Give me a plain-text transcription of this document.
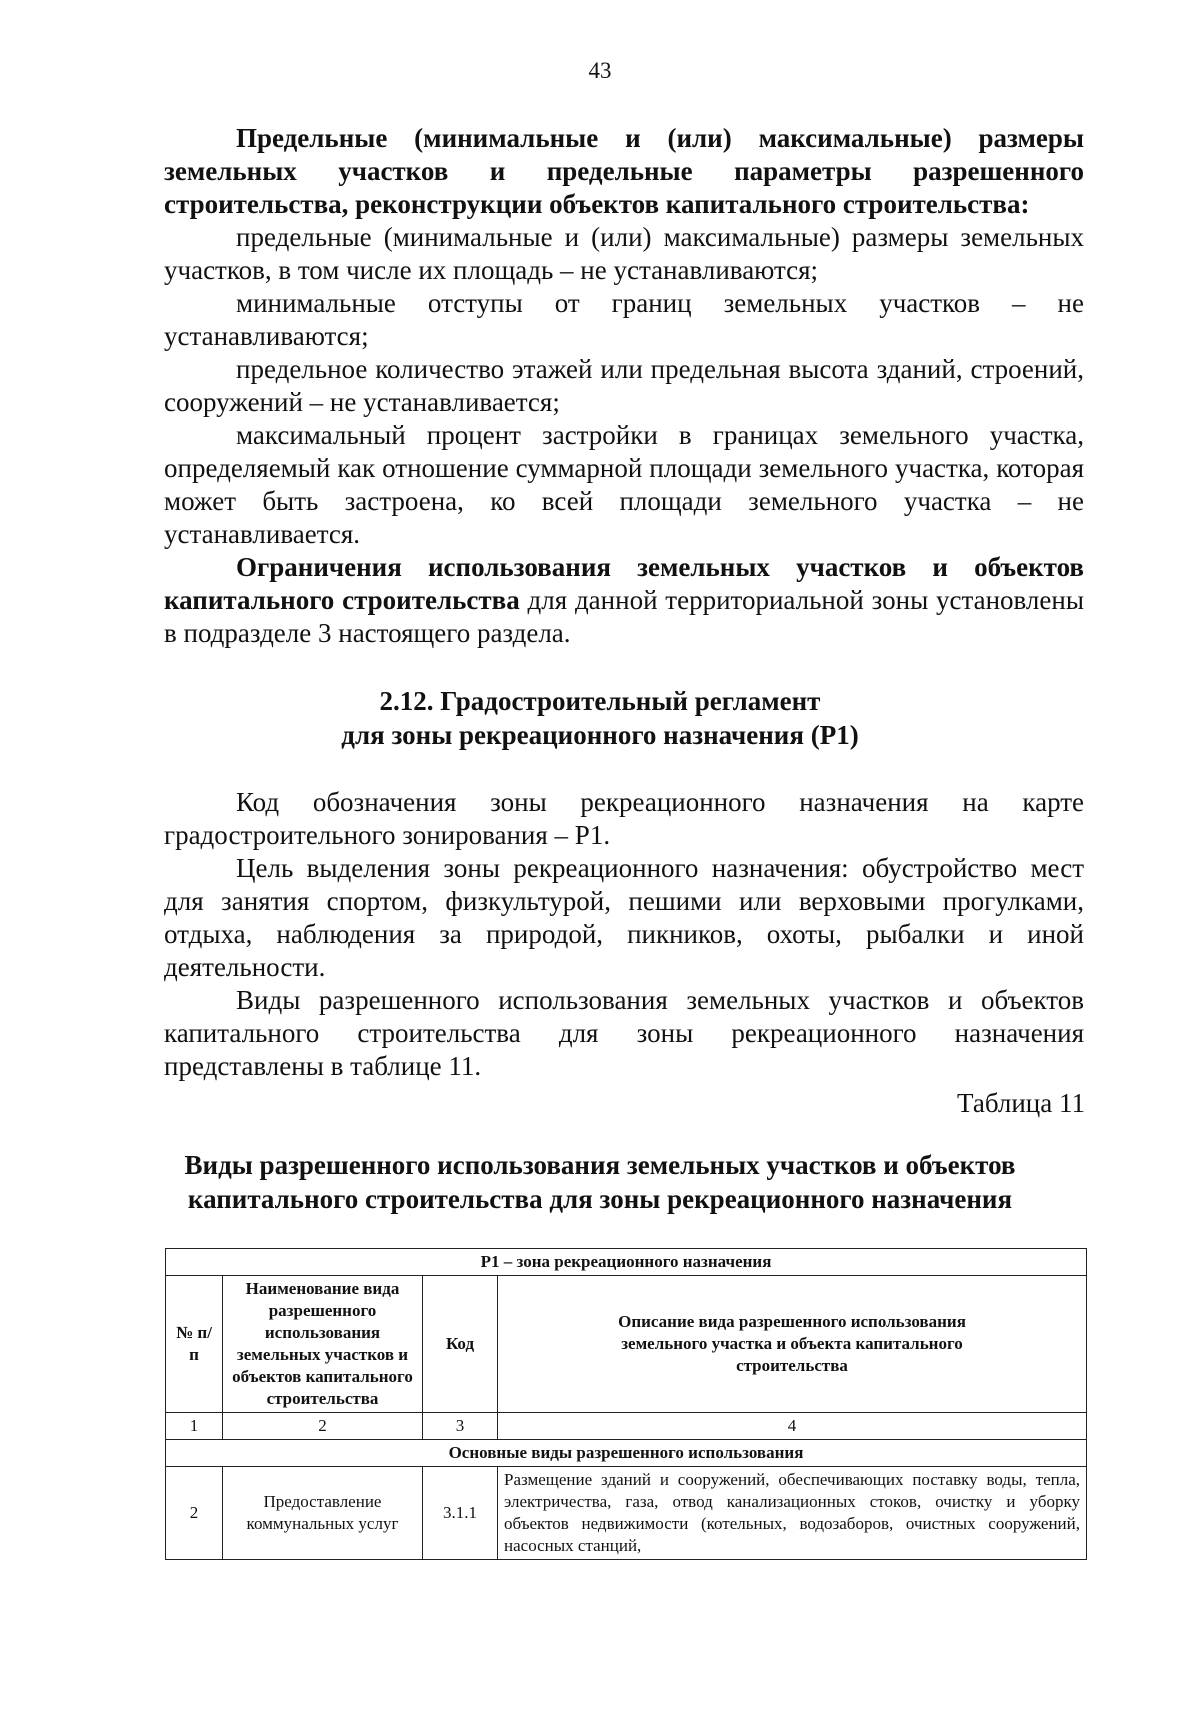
43

Предельные (минимальные и (или) максимальные) размеры земельных участков и предельные параметры разрешенного строительства, реконструкции объектов капитального строительства:

предельные (минимальные и (или) максимальные) размеры земельных участков, в том числе их площадь – не устанавливаются;

минимальные отступы от границ земельных участков – не устанавливаются;

предельное количество этажей или предельная высота зданий, строений, сооружений – не устанавливается;

максимальный процент застройки в границах земельного участка, определяемый как отношение суммарной площади земельного участка, которая может быть застроена, ко всей площади земельного участка – не устанавливается.

Ограничения использования земельных участков и объектов капитального строительства для данной территориальной зоны установлены в подразделе 3 настоящего раздела.

2.12. Градостроительный регламент
для зоны рекреационного назначения (Р1)

Код обозначения зоны рекреационного назначения на карте градостроительного зонирования – Р1.

Цель выделения зоны рекреационного назначения: обустройство мест для занятия спортом, физкультурой, пешими или верховыми прогулками, отдыха, наблюдения за природой, пикников, охоты, рыбалки и иной деятельности.

Виды разрешенного использования земельных участков и объектов капитального строительства для зоны рекреационного назначения представлены в таблице 11.

Таблица 11
Виды разрешенного использования земельных участков и объектов
капитального строительства для зоны рекреационного назначения
Р1 – зона рекреационного назначения			
№ п/п	Наименование вида разрешенного использования земельных участков и объектов капитального строительства	Код	Описание вида разрешенного использования земельного участка и объекта капитального строительства
1	2	3	4
Основные виды разрешенного использования			
2	Предоставление коммунальных услуг	3.1.1	Размещение зданий и сооружений, обеспечивающих поставку воды, тепла, электричества, газа, отвод канализационных стоков, очистку и уборку объектов недвижимости (котельных, водозаборов, очистных сооружений, насосных станций,
